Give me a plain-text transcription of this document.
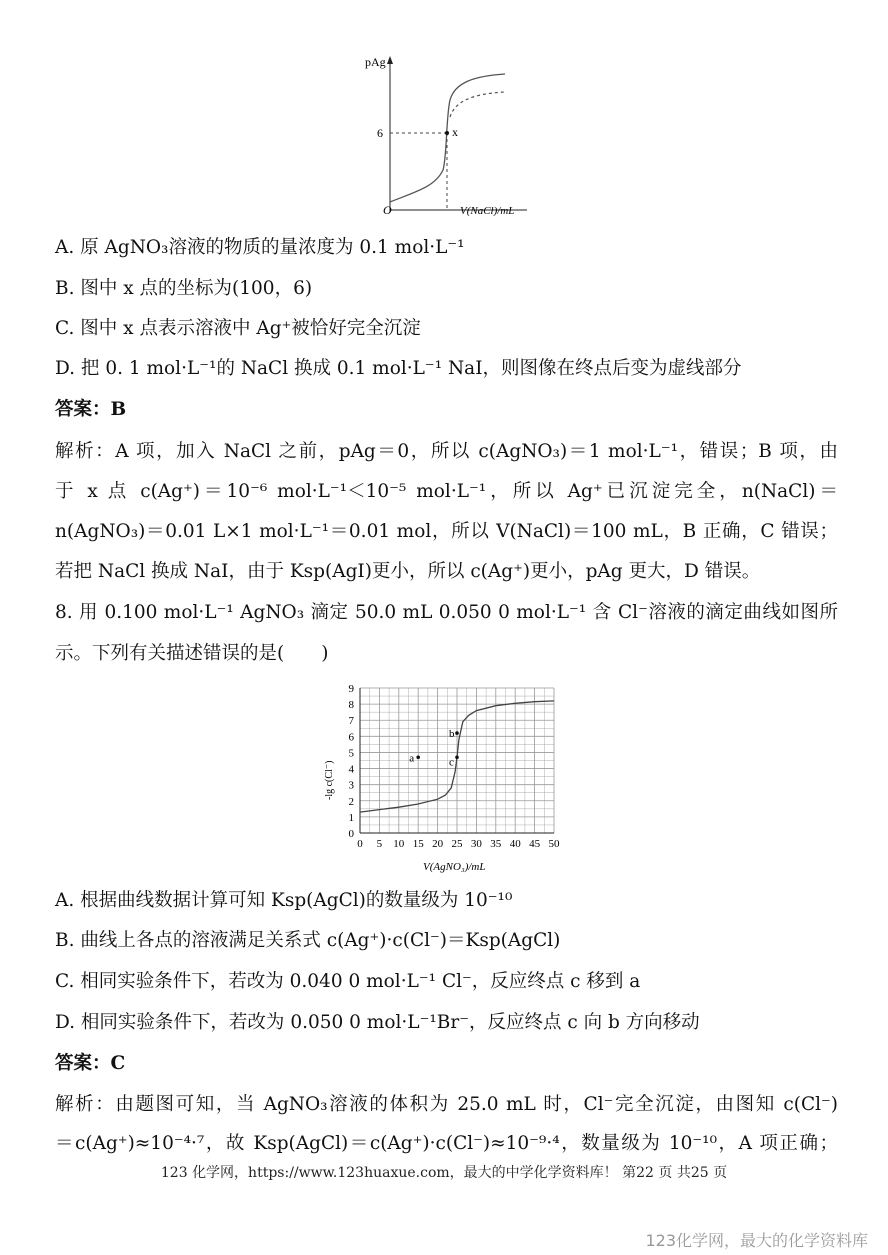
pAg
O
6
V(NaCl)/mL
x
A. 原 AgNO₃溶液的物质的量浓度为 0.1 mol·L⁻¹
B. 图中 x 点的坐标为(100，6)
C. 图中 x 点表示溶液中 Ag⁺被恰好完全沉淀
D. 把 0. 1 mol·L⁻¹的 NaCl 换成 0.1 mol·L⁻¹ NaI，则图像在终点后变为虚线部分
答案：B
解析：A 项，加入 NaCl 之前，pAg＝0，所以 c(AgNO₃)＝1 mol·L⁻¹，错误；B 项，由
于 x 点 c(Ag⁺)＝10⁻⁶ mol·L⁻¹＜10⁻⁵ mol·L⁻¹，所以 Ag⁺已沉淀完全，n(NaCl)＝
n(AgNO₃)＝0.01 L×1 mol·L⁻¹＝0.01 mol，所以 V(NaCl)＝100 mL，B 正确，C 错误；
若把 NaCl 换成 NaI，由于 Ksp(AgI)更小，所以 c(Ag⁺)更小，pAg 更大，D 错误。
8. 用 0.100 mol·L⁻¹ AgNO₃ 滴定 50.0 mL 0.050 0 mol·L⁻¹ 含 Cl⁻溶液的滴定曲线如图所
示。下列有关描述错误的是(　　)
0 5 10 15 20 25 30 35 40 45 50
0
1
2
3
4
5
6
7
8
9
a
b
c
-lg c(Cl⁻)
V(AgNO₃)/mL
A. 根据曲线数据计算可知 Ksp(AgCl)的数量级为 10⁻¹⁰
B. 曲线上各点的溶液满足关系式 c(Ag⁺)·c(Cl⁻)＝Ksp(AgCl)
C. 相同实验条件下，若改为 0.040 0 mol·L⁻¹ Cl⁻，反应终点 c 移到 a
D. 相同实验条件下，若改为 0.050 0 mol·L⁻¹Br⁻，反应终点 c 向 b 方向移动
答案：C
解析：由题图可知，当 AgNO₃溶液的体积为 25.0 mL 时，Cl⁻完全沉淀，由图知 c(Cl⁻)
＝c(Ag⁺)≈10⁻⁴·⁷，故 Ksp(AgCl)＝c(Ag⁺)·c(Cl⁻)≈10⁻⁹·⁴，数量级为 10⁻¹⁰，A 项正确；
123 化学网，https://www.123huaxue.com，最大的中学化学资料库！ 第22 页 共25 页
123化学网，最大的化学资料库
